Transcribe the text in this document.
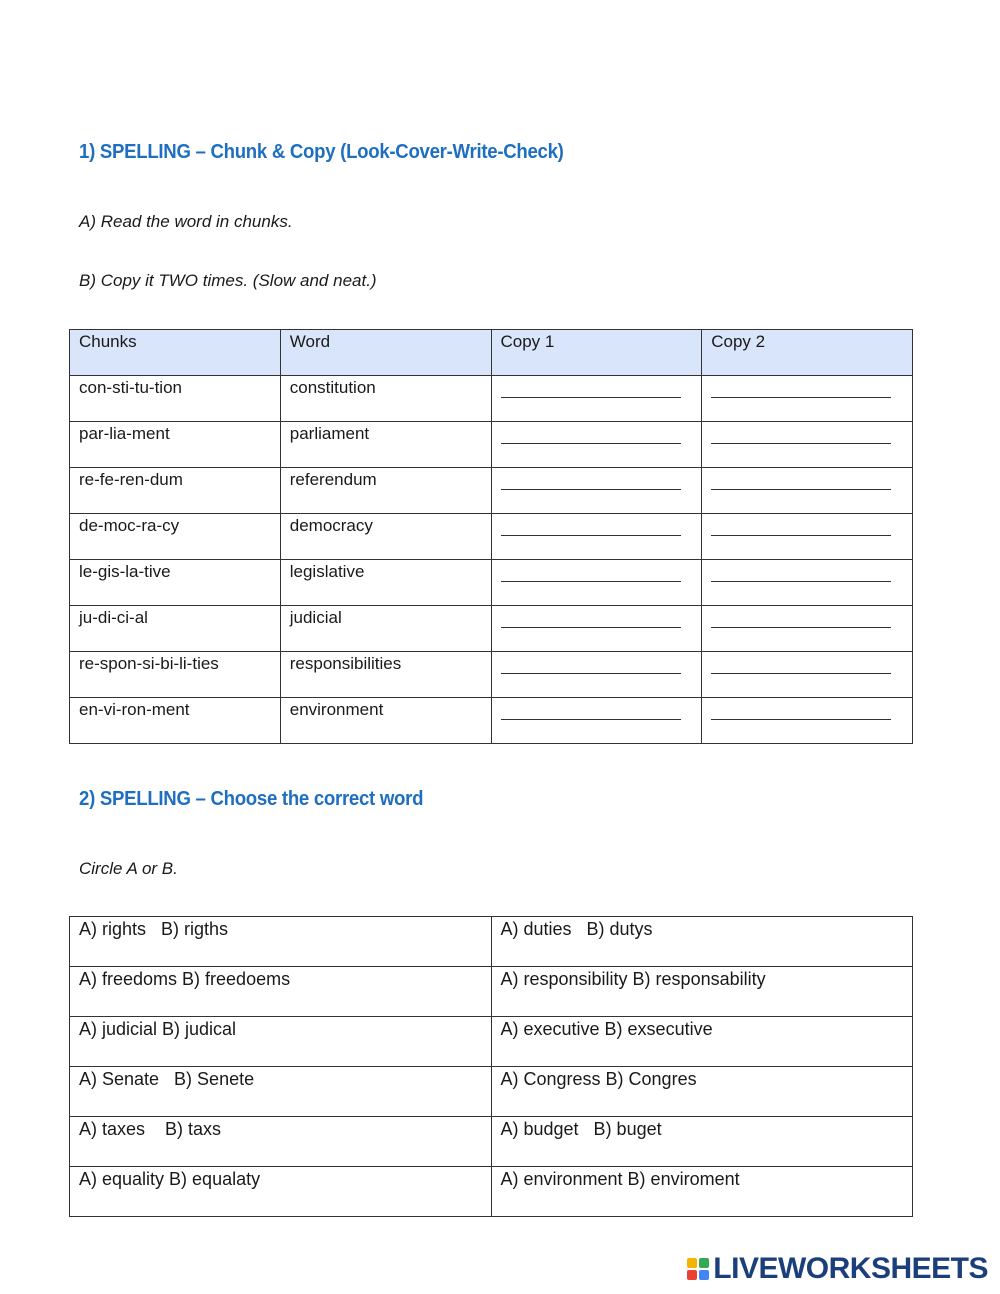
1) SPELLING – Chunk & Copy (Look-Cover-Write-Check)

A) Read the word in chunks.

B) Copy it TWO times. (Slow and neat.)

Chunks	Word	Copy 1	Copy 2
con-sti-tu-tion	constitution	

par-lia-ment	parliament	

re-fe-ren-dum	referendum	

de-moc-ra-cy	democracy	

le-gis-la-tive	legislative	

ju-di-ci-al	judicial	

re-spon-si-bi-li-ties	responsibilities	

en-vi-ron-ment	environment	

2) SPELLING – Choose the correct word

Circle A or B.

A) rights   B) rigths	A) duties   B) dutys
A) freedoms B) freedoems	A) responsibility B) responsability
A) judicial B) judical	A) executive B) exsecutive
A) Senate   B) Senete	A) Congress B) Congres
A) taxes    B) taxs	A) budget   B) buget
A) equality B) equalaty	A) environment B) enviroment
LIVEWORKSHEETS
